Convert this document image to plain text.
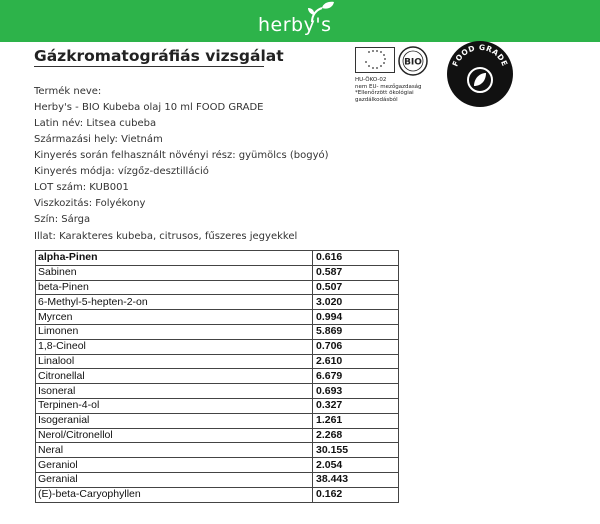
herby's
Gázkromatográfiás vizsgálat
Termék neve:
Herby's - BIO Kubeba olaj 10 ml FOOD GRADE
Latin név: Litsea cubeba
Származási hely: Vietnám
Kinyerés során felhasznált növényi rész: gyümölcs (bogyó)
Kinyerés módja: vízgőz-desztilláció
LOT szám: KUB001
Viszkozitás: Folyékony
Szín: Sárga
Illat: Karakteres kubeba, citrusos, fűszeres jegyekkel
BIO
HU-ÖKO-02
nem EU- mezőgazdaság
*Ellenőrzött ökológiai
gazdálkodásból
FOOD GRADE
alpha-Pinen	0.616
Sabinen	0.587
beta-Pinen	0.507
6-Methyl-5-hepten-2-on	3.020
Myrcen	0.994
Limonen	5.869
1,8-Cineol	0.706
Linalool	2.610
Citronellal	6.679
Isoneral	0.693
Terpinen-4-ol	0.327
Isogeranial	1.261
Nerol/Citronellol	2.268
Neral	30.155
Geraniol	2.054
Geranial	38.443
(E)-beta-Caryophyllen	0.162
